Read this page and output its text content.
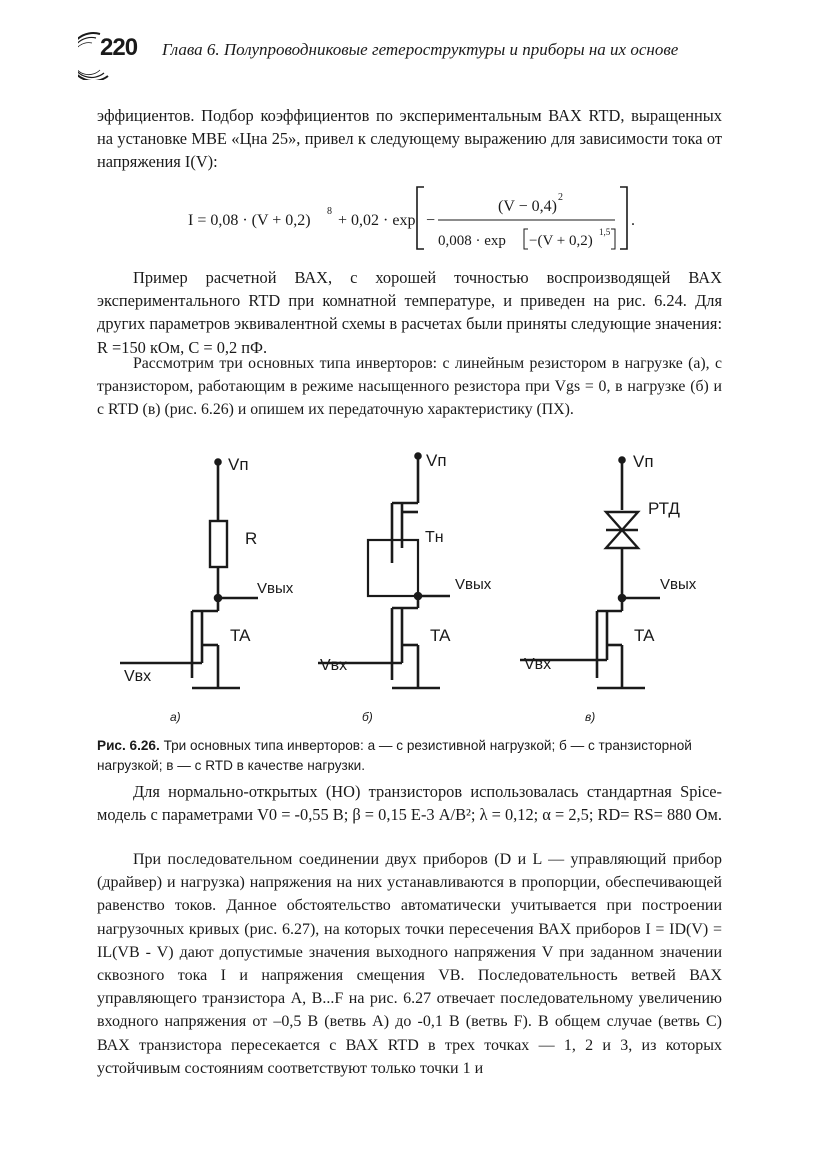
220 Глава 6. Полупроводниковые гетероструктуры и приборы на их основе

эффициентов. Подбор коэффициентов по экспериментальным ВАХ RTD, выращенных на установке MBE «Цна 25», привел к следующему выражению для зависимости тока от напряжения I(V):

I = 0,08 · (V + 0,2)
8
+ 0,02 · exp −
(V − 0,4)
2
0,008 · exp −(V + 0,2)
1,5
.

Пример расчетной ВАХ, с хорошей точностью воспроизводящей ВАХ экспериментального RTD при комнатной температуре, и приведен на рис. 6.24. Для других параметров эквивалентной схемы в расчетах были приняты следующие значения: R =150 кОм, C = 0,2 пФ.

Рассмотрим три основных типа инверторов: с линейным резистором в нагрузке (а), с транзистором, работающим в режиме насыщенного резистора при Vgs = 0, в нагрузке (б) и с RTD (в) (рис. 6.26) и опишем их передаточную характеристику (ПХ).

Vп
R
Vвых
TA
Vвх
Vп
Tн
Vвых
TA
Vвх
Vп
РТД
Vвых
TA
Vвх
а)	б)	в)

Рис. 6.26. Три основных типа инверторов: а — с резистивной нагрузкой; б — с транзисторной нагрузкой; в — с RTD в качестве нагрузки.

Для нормально-открытых (НО) транзисторов использовалась стандартная Spice-модель с параметрами V0 = -0,55 В; β = 0,15 Е-3 А/В²; λ = 0,12; α = 2,5; RD= RS= 880 Ом.

При последовательном соединении двух приборов (D и L — управляющий прибор (драйвер) и нагрузка) напряжения на них устанавливаются в пропорции, обеспечивающей равенство токов. Данное обстоятельство автоматически учитывается при построении нагрузочных кривых (рис. 6.27), на которых точки пересечения ВАХ приборов I = ID(V) = IL(VB - V) дают допустимые значения выходного напряжения V при заданном значении сквозного тока I и напряжения смещения VB. Последовательность ветвей ВАХ управляющего транзистора A, B...F на рис. 6.27 отвечает последовательному увеличению входного напряжения от –0,5 В (ветвь A) до -0,1 В (ветвь F). В общем случае (ветвь C) ВАХ транзистора пересекается с ВАХ RTD в трех точках — 1, 2 и 3, из которых устойчивым состояниям соответствуют только точки 1 и
